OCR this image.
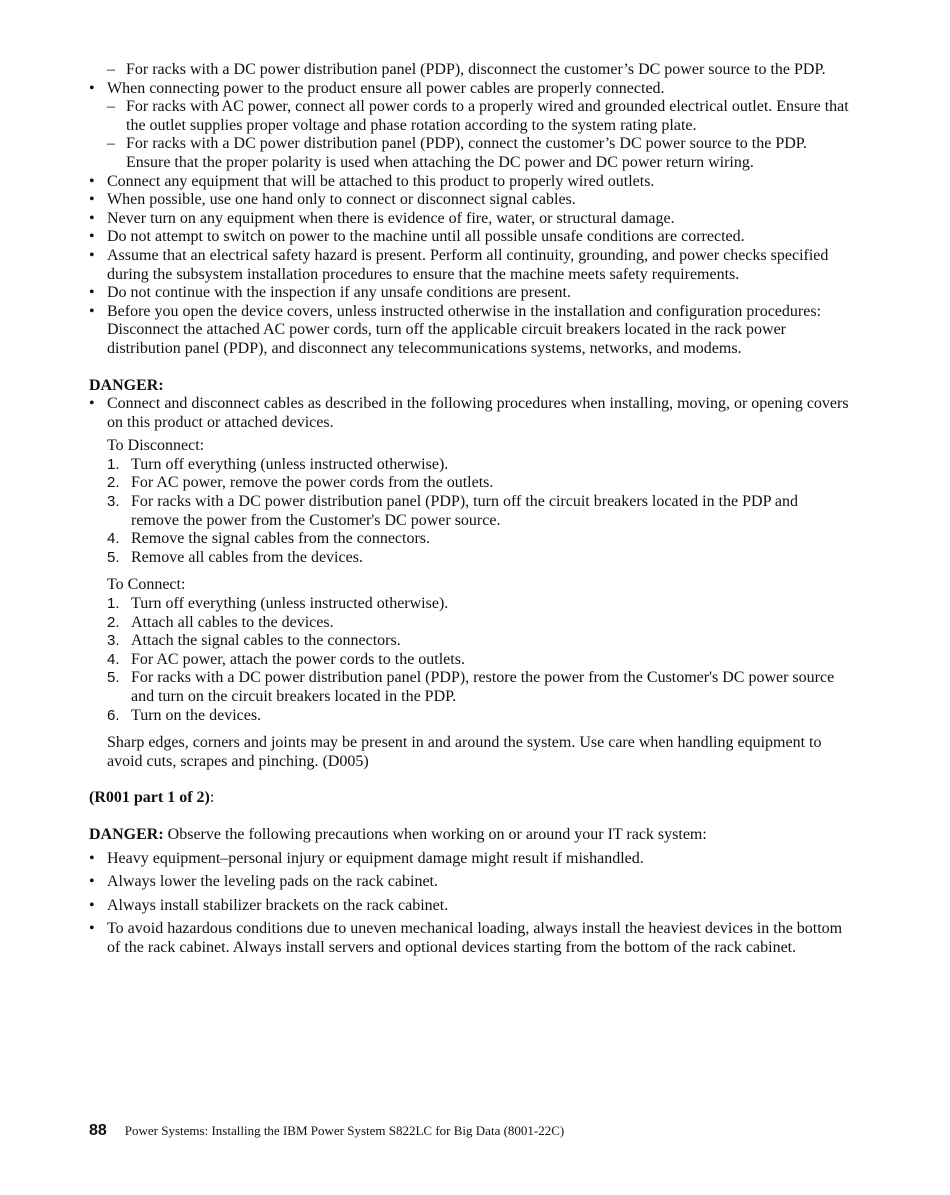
– For racks with a DC power distribution panel (PDP), disconnect the customer’s DC power source to the PDP.
• When connecting power to the product ensure all power cables are properly connected.
– For racks with AC power, connect all power cords to a properly wired and grounded electrical outlet. Ensure that the outlet supplies proper voltage and phase rotation according to the system rating plate.
– For racks with a DC power distribution panel (PDP), connect the customer’s DC power source to the PDP. Ensure that the proper polarity is used when attaching the DC power and DC power return wiring.
• Connect any equipment that will be attached to this product to properly wired outlets.
• When possible, use one hand only to connect or disconnect signal cables.
• Never turn on any equipment when there is evidence of fire, water, or structural damage.
• Do not attempt to switch on power to the machine until all possible unsafe conditions are corrected.
• Assume that an electrical safety hazard is present. Perform all continuity, grounding, and power checks specified during the subsystem installation procedures to ensure that the machine meets safety requirements.
• Do not continue with the inspection if any unsafe conditions are present.
• Before you open the device covers, unless instructed otherwise in the installation and configuration procedures: Disconnect the attached AC power cords, turn off the applicable circuit breakers located in the rack power distribution panel (PDP), and disconnect any telecommunications systems, networks, and modems.
DANGER:
• Connect and disconnect cables as described in the following procedures when installing, moving, or opening covers on this product or attached devices.
To Disconnect:
1. Turn off everything (unless instructed otherwise).
2. For AC power, remove the power cords from the outlets.
3. For racks with a DC power distribution panel (PDP), turn off the circuit breakers located in the PDP and remove the power from the Customer's DC power source.
4. Remove the signal cables from the connectors.
5. Remove all cables from the devices.
To Connect:
1. Turn off everything (unless instructed otherwise).
2. Attach all cables to the devices.
3. Attach the signal cables to the connectors.
4. For AC power, attach the power cords to the outlets.
5. For racks with a DC power distribution panel (PDP), restore the power from the Customer's DC power source and turn on the circuit breakers located in the PDP.
6. Turn on the devices.
Sharp edges, corners and joints may be present in and around the system. Use care when handling equipment to avoid cuts, scrapes and pinching. (D005)
(R001 part 1 of 2):
DANGER: Observe the following precautions when working on or around your IT rack system:
• Heavy equipment–personal injury or equipment damage might result if mishandled.
• Always lower the leveling pads on the rack cabinet.
• Always install stabilizer brackets on the rack cabinet.
• To avoid hazardous conditions due to uneven mechanical loading, always install the heaviest devices in the bottom of the rack cabinet. Always install servers and optional devices starting from the bottom of the rack cabinet.
88 Power Systems: Installing the IBM Power System S822LC for Big Data (8001-22C)
